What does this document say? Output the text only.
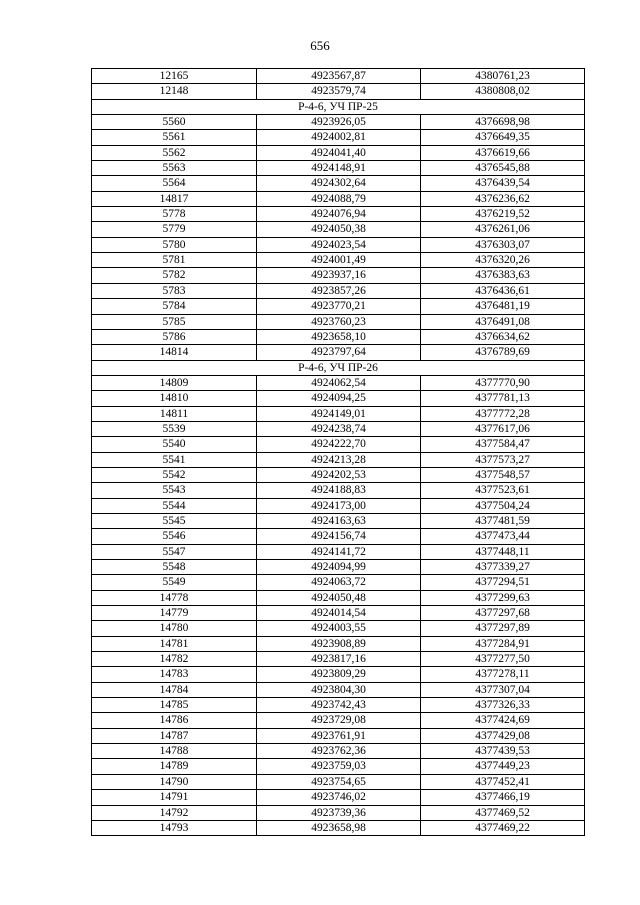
656
12165	4923567,87	4380761,23
12148	4923579,74	4380808,02
Р-4-6, УЧ ПР-25		
5560	4923926,05	4376698,98
5561	4924002,81	4376649,35
5562	4924041,40	4376619,66
5563	4924148,91	4376545,88
5564	4924302,64	4376439,54
14817	4924088,79	4376236,62
5778	4924076,94	4376219,52
5779	4924050,38	4376261,06
5780	4924023,54	4376303,07
5781	4924001,49	4376320,26
5782	4923937,16	4376383,63
5783	4923857,26	4376436,61
5784	4923770,21	4376481,19
5785	4923760,23	4376491,08
5786	4923658,10	4376634,62
14814	4923797,64	4376789,69
Р-4-6, УЧ ПР-26		
14809	4924062,54	4377770,90
14810	4924094,25	4377781,13
14811	4924149,01	4377772,28
5539	4924238,74	4377617,06
5540	4924222,70	4377584,47
5541	4924213,28	4377573,27
5542	4924202,53	4377548,57
5543	4924188,83	4377523,61
5544	4924173,00	4377504,24
5545	4924163,63	4377481,59
5546	4924156,74	4377473,44
5547	4924141,72	4377448,11
5548	4924094,99	4377339,27
5549	4924063,72	4377294,51
14778	4924050,48	4377299,63
14779	4924014,54	4377297,68
14780	4924003,55	4377297,89
14781	4923908,89	4377284,91
14782	4923817,16	4377277,50
14783	4923809,29	4377278,11
14784	4923804,30	4377307,04
14785	4923742,43	4377326,33
14786	4923729,08	4377424,69
14787	4923761,91	4377429,08
14788	4923762,36	4377439,53
14789	4923759,03	4377449,23
14790	4923754,65	4377452,41
14791	4923746,02	4377466,19
14792	4923739,36	4377469,52
14793	4923658,98	4377469,22
